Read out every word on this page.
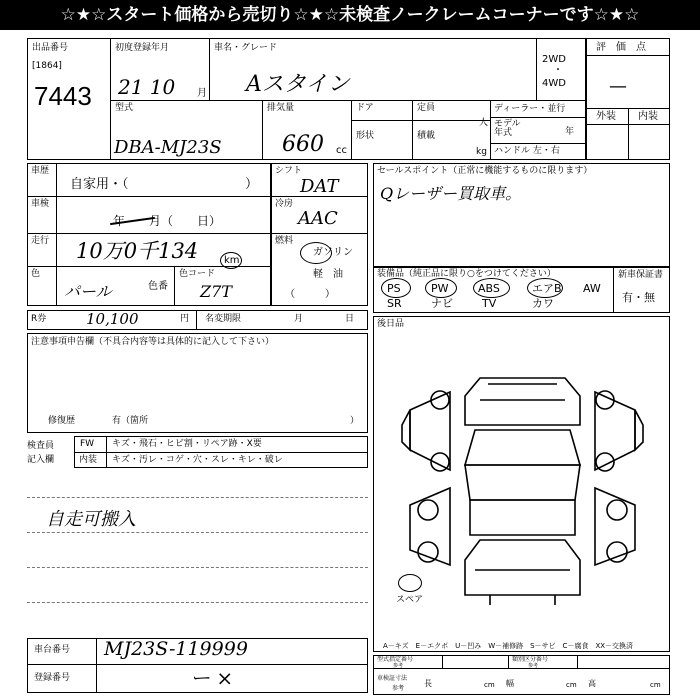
☆★☆スタート価格から売切り☆★☆未検査ノークレームコーナーです☆★☆
出品番号
[1864]
7443
初度登録年月
21 10 月
車名・グレード
Aスタイン
2WD
・
4WD
評　価　点
—
外装 内装
型式
DBA-MJ23S
排気量
660 cc
ドア
形状
定員
人
積載
kg
ディーラー・並行
モデル
年式	年
ハンドル 左・右
車歴
自家用・（	）
車検
年　　月（　　日）
走行 10万0千134	km
色
パール	色番
色コード
Z7T
シフト
DAT
冷房
AAC
燃料
ガソリン
軽　油
（　　　）
R券	10,100	円 名変期限	月	日
注意事項申告欄（不具合内容等は具体的に記入して下さい）
修復歴	有（箇所	）
検査員
記入欄
FW キズ・飛石・ヒビ割・リペア跡・X要
内装 キズ・汚レ・コゲ・穴・スレ・キレ・破レ
自走可搬入
車台番号 MJ23S-119999
登録番号	ー ×
セールスポイント（正常に機能するものに限ります）
Qレーザー買取車。
装備品（純正品に限り○をつけてください）
PS	PW	ABS	エアB AW
SR	ナビ	TV	カワ
新車保証書
有・無
後日品
スペア
A－キズ　E－エクボ　U－凹み　W－補修跡　S－サビ　C－腐食　XX－交換済
型式指定番号
参考
類別区分番号
参考
車検証寸法
参考
長	cm 幅	cm 高	cm
